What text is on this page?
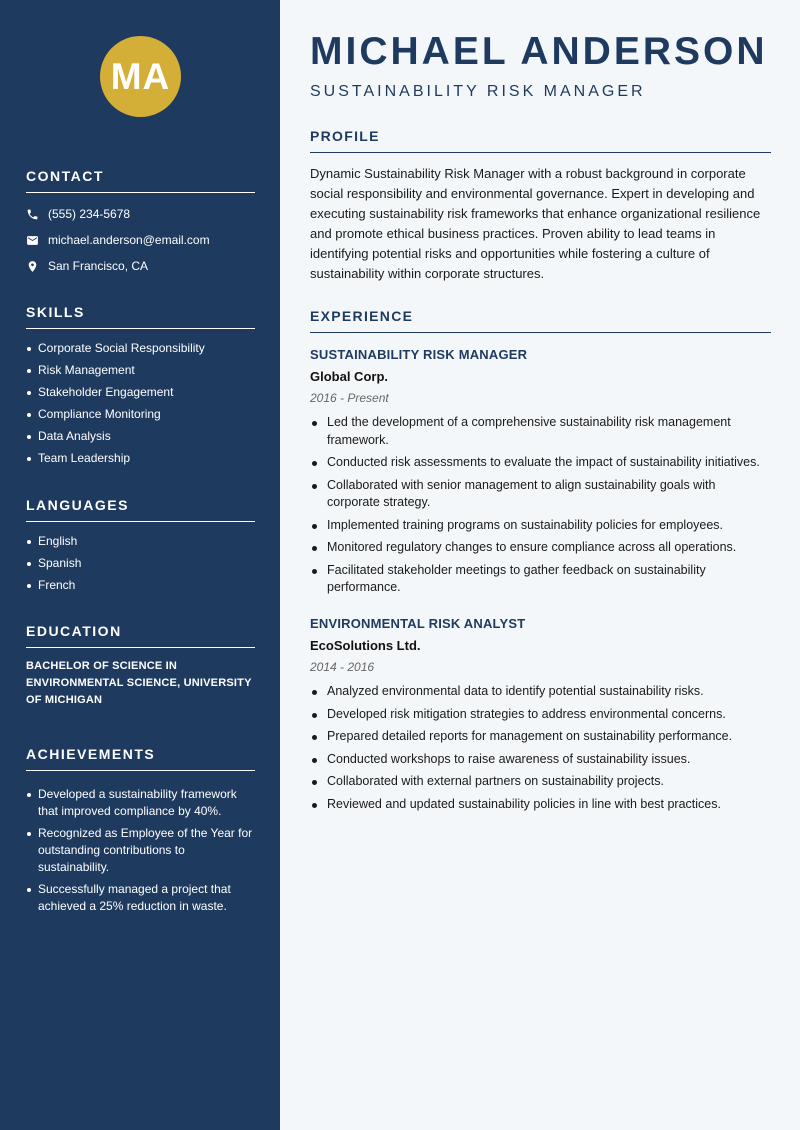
MA
CONTACT
(555) 234-5678
michael.anderson@email.com
San Francisco, CA
SKILLS
Corporate Social Responsibility
Risk Management
Stakeholder Engagement
Compliance Monitoring
Data Analysis
Team Leadership
LANGUAGES
English
Spanish
French
EDUCATION
BACHELOR OF SCIENCE IN ENVIRONMENTAL SCIENCE, UNIVERSITY OF MICHIGAN
ACHIEVEMENTS
Developed a sustainability framework that improved compliance by 40%.
Recognized as Employee of the Year for outstanding contributions to sustainability.
Successfully managed a project that achieved a 25% reduction in waste.
MICHAEL ANDERSON
SUSTAINABILITY RISK MANAGER
PROFILE

Dynamic Sustainability Risk Manager with a robust background in corporate social responsibility and environmental governance. Expert in developing and executing sustainability risk frameworks that enhance organizational resilience and promote ethical business practices. Proven ability to lead teams in identifying potential risks and opportunities while fostering a culture of sustainability within corporate structures.

EXPERIENCE
SUSTAINABILITY RISK MANAGER
Global Corp.
2016 - Present
Led the development of a comprehensive sustainability risk management framework.
Conducted risk assessments to evaluate the impact of sustainability initiatives.
Collaborated with senior management to align sustainability goals with corporate strategy.
Implemented training programs on sustainability policies for employees.
Monitored regulatory changes to ensure compliance across all operations.
Facilitated stakeholder meetings to gather feedback on sustainability performance.
ENVIRONMENTAL RISK ANALYST
EcoSolutions Ltd.
2014 - 2016
Analyzed environmental data to identify potential sustainability risks.
Developed risk mitigation strategies to address environmental concerns.
Prepared detailed reports for management on sustainability performance.
Conducted workshops to raise awareness of sustainability issues.
Collaborated with external partners on sustainability projects.
Reviewed and updated sustainability policies in line with best practices.
